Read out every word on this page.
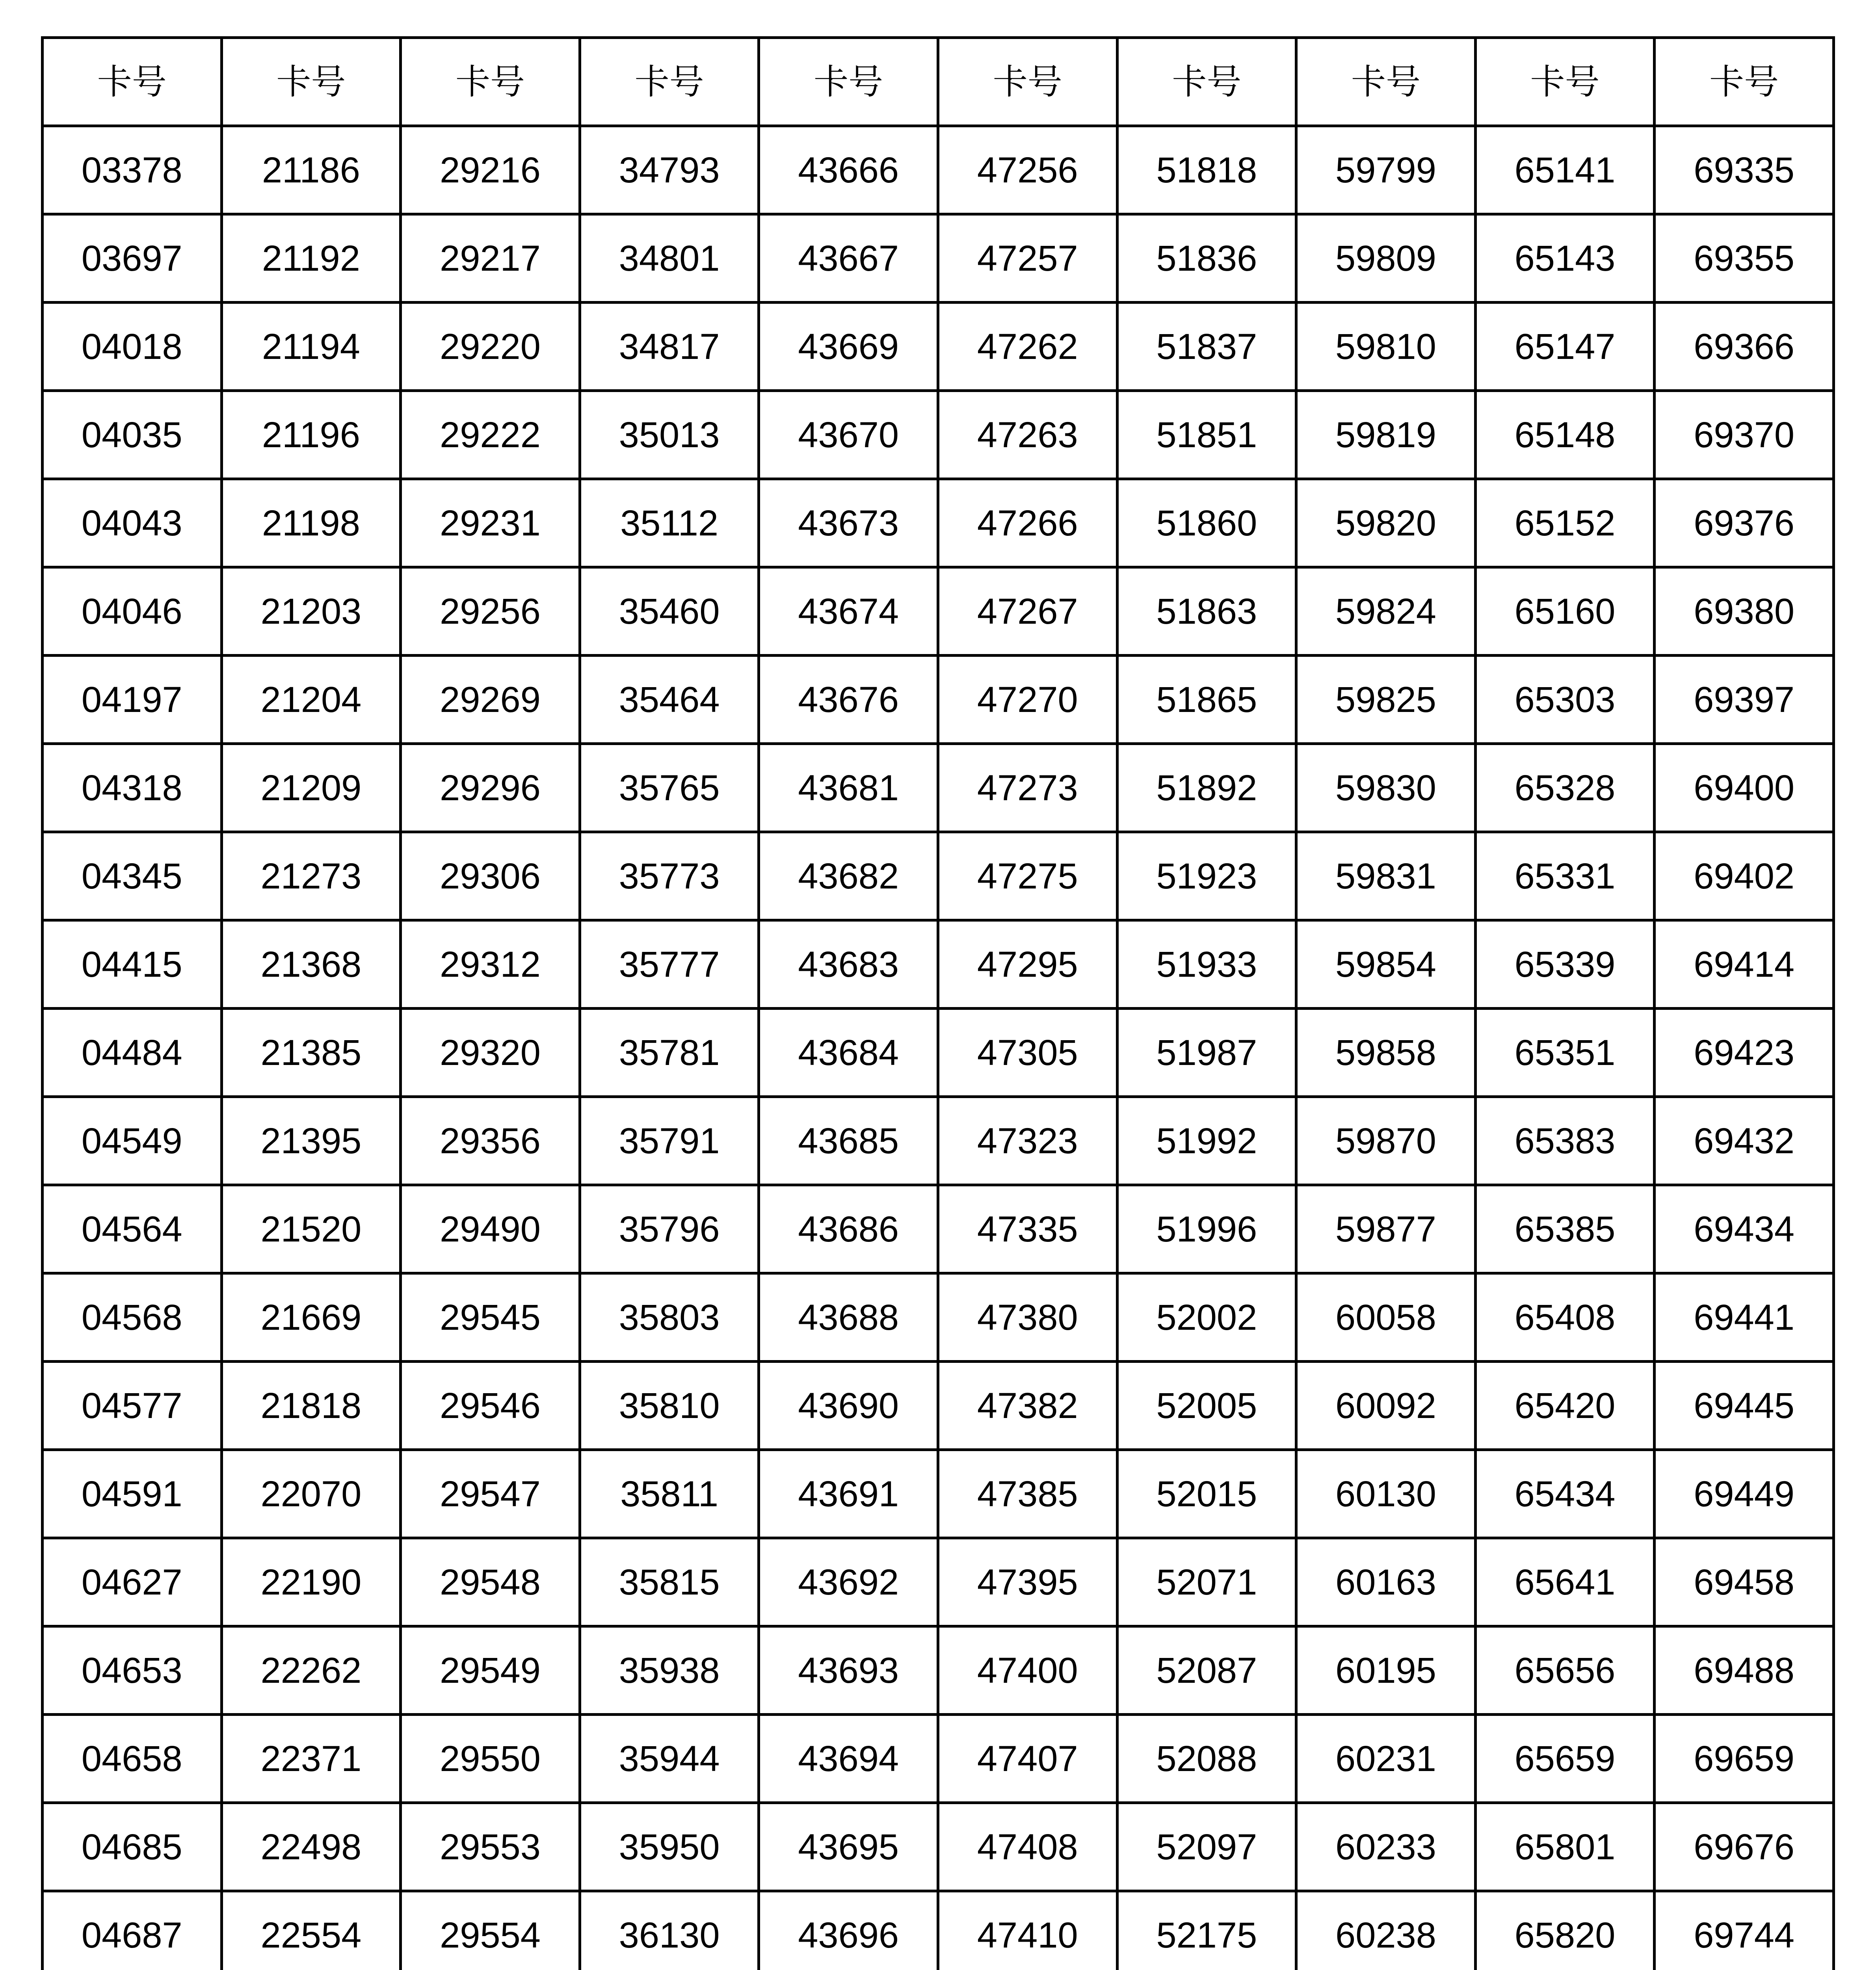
卡号	卡号	卡号	卡号	卡号	卡号	卡号	卡号	卡号	卡号
03378	21186	29216	34793	43666	47256	51818	59799	65141	69335
03697	21192	29217	34801	43667	47257	51836	59809	65143	69355
04018	21194	29220	34817	43669	47262	51837	59810	65147	69366
04035	21196	29222	35013	43670	47263	51851	59819	65148	69370
04043	21198	29231	35112	43673	47266	51860	59820	65152	69376
04046	21203	29256	35460	43674	47267	51863	59824	65160	69380
04197	21204	29269	35464	43676	47270	51865	59825	65303	69397
04318	21209	29296	35765	43681	47273	51892	59830	65328	69400
04345	21273	29306	35773	43682	47275	51923	59831	65331	69402
04415	21368	29312	35777	43683	47295	51933	59854	65339	69414
04484	21385	29320	35781	43684	47305	51987	59858	65351	69423
04549	21395	29356	35791	43685	47323	51992	59870	65383	69432
04564	21520	29490	35796	43686	47335	51996	59877	65385	69434
04568	21669	29545	35803	43688	47380	52002	60058	65408	69441
04577	21818	29546	35810	43690	47382	52005	60092	65420	69445
04591	22070	29547	35811	43691	47385	52015	60130	65434	69449
04627	22190	29548	35815	43692	47395	52071	60163	65641	69458
04653	22262	29549	35938	43693	47400	52087	60195	65656	69488
04658	22371	29550	35944	43694	47407	52088	60231	65659	69659
04685	22498	29553	35950	43695	47408	52097	60233	65801	69676
04687	22554	29554	36130	43696	47410	52175	60238	65820	69744
